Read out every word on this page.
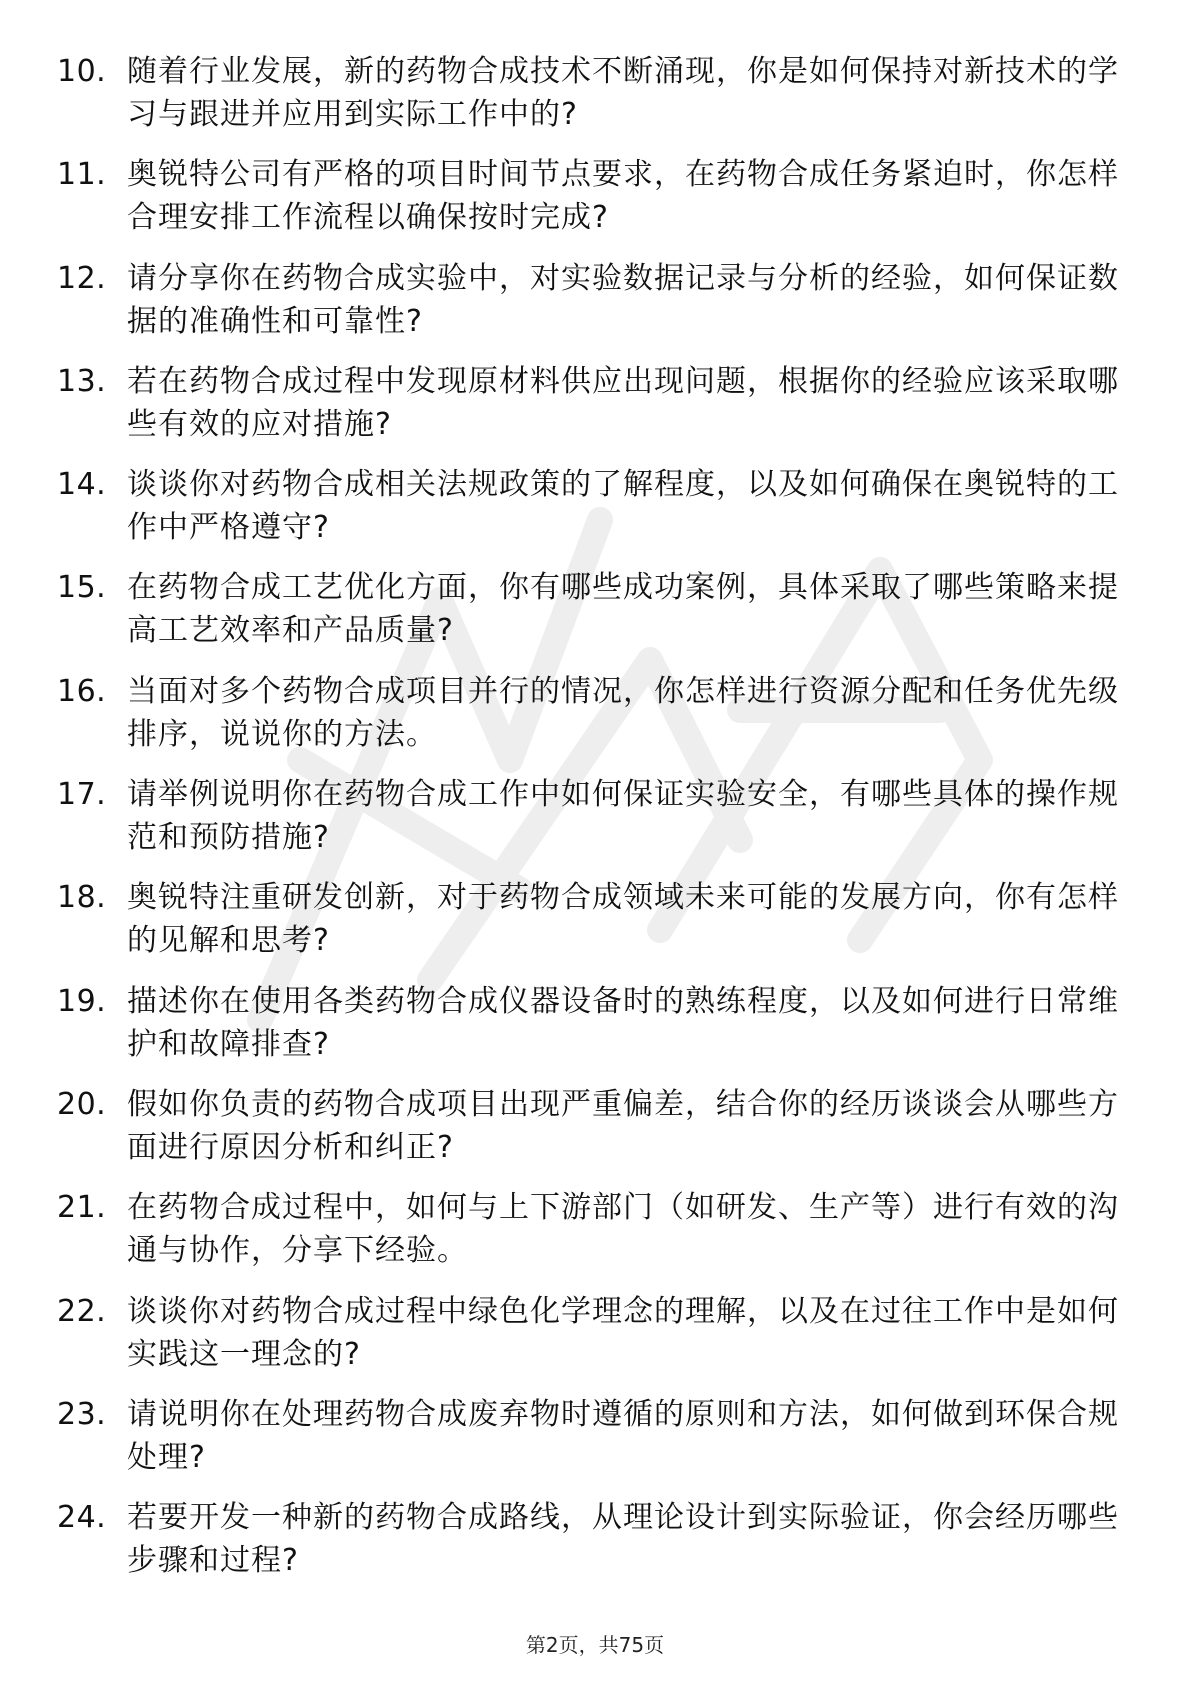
10. 随着行业发展，新的药物合成技术不断涌现，你是如何保持对新技术的学习与跟进并应用到实际工作中的?
11. 奥锐特公司有严格的项目时间节点要求，在药物合成任务紧迫时，你怎样合理安排工作流程以确保按时完成?
12. 请分享你在药物合成实验中，对实验数据记录与分析的经验，如何保证数据的准确性和可靠性?
13. 若在药物合成过程中发现原材料供应出现问题，根据你的经验应该采取哪些有效的应对措施?
14. 谈谈你对药物合成相关法规政策的了解程度，以及如何确保在奥锐特的工作中严格遵守?
15. 在药物合成工艺优化方面，你有哪些成功案例，具体采取了哪些策略来提高工艺效率和产品质量?
16. 当面对多个药物合成项目并行的情况，你怎样进行资源分配和任务优先级排序，说说你的方法。
17. 请举例说明你在药物合成工作中如何保证实验安全，有哪些具体的操作规范和预防措施?
18. 奥锐特注重研发创新，对于药物合成领域未来可能的发展方向，你有怎样的见解和思考?
19. 描述你在使用各类药物合成仪器设备时的熟练程度，以及如何进行日常维护和故障排查?
20. 假如你负责的药物合成项目出现严重偏差，结合你的经历谈谈会从哪些方面进行原因分析和纠正?
21. 在药物合成过程中，如何与上下游部门（如研发、生产等）进行有效的沟通与协作，分享下经验。
22. 谈谈你对药物合成过程中绿色化学理念的理解，以及在过往工作中是如何实践这一理念的?
23. 请说明你在处理药物合成废弃物时遵循的原则和方法，如何做到环保合规处理?
24. 若要开发一种新的药物合成路线，从理论设计到实际验证，你会经历哪些步骤和过程?
第2页，共75页
